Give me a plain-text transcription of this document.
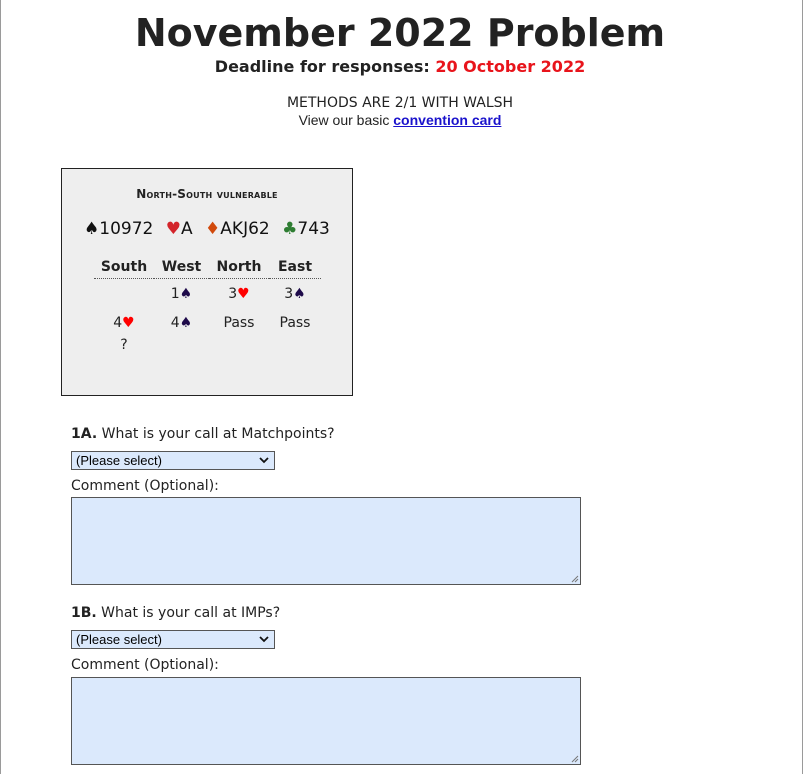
November 2022 Problem
Deadline for responses: 20 October 2022
METHODS ARE 2/1 WITH WALSH
View our basic convention card
North-South vulnerable
♠10972 ♥A ♦AKJ62 ♣743
South	West	North	East
	1♠	3♥	3♠
4♥	4♠	Pass	Pass
?			
1A. What is your call at Matchpoints?
(Please select)
Comment (Optional):
1B. What is your call at IMPs?
(Please select)
Comment (Optional):
